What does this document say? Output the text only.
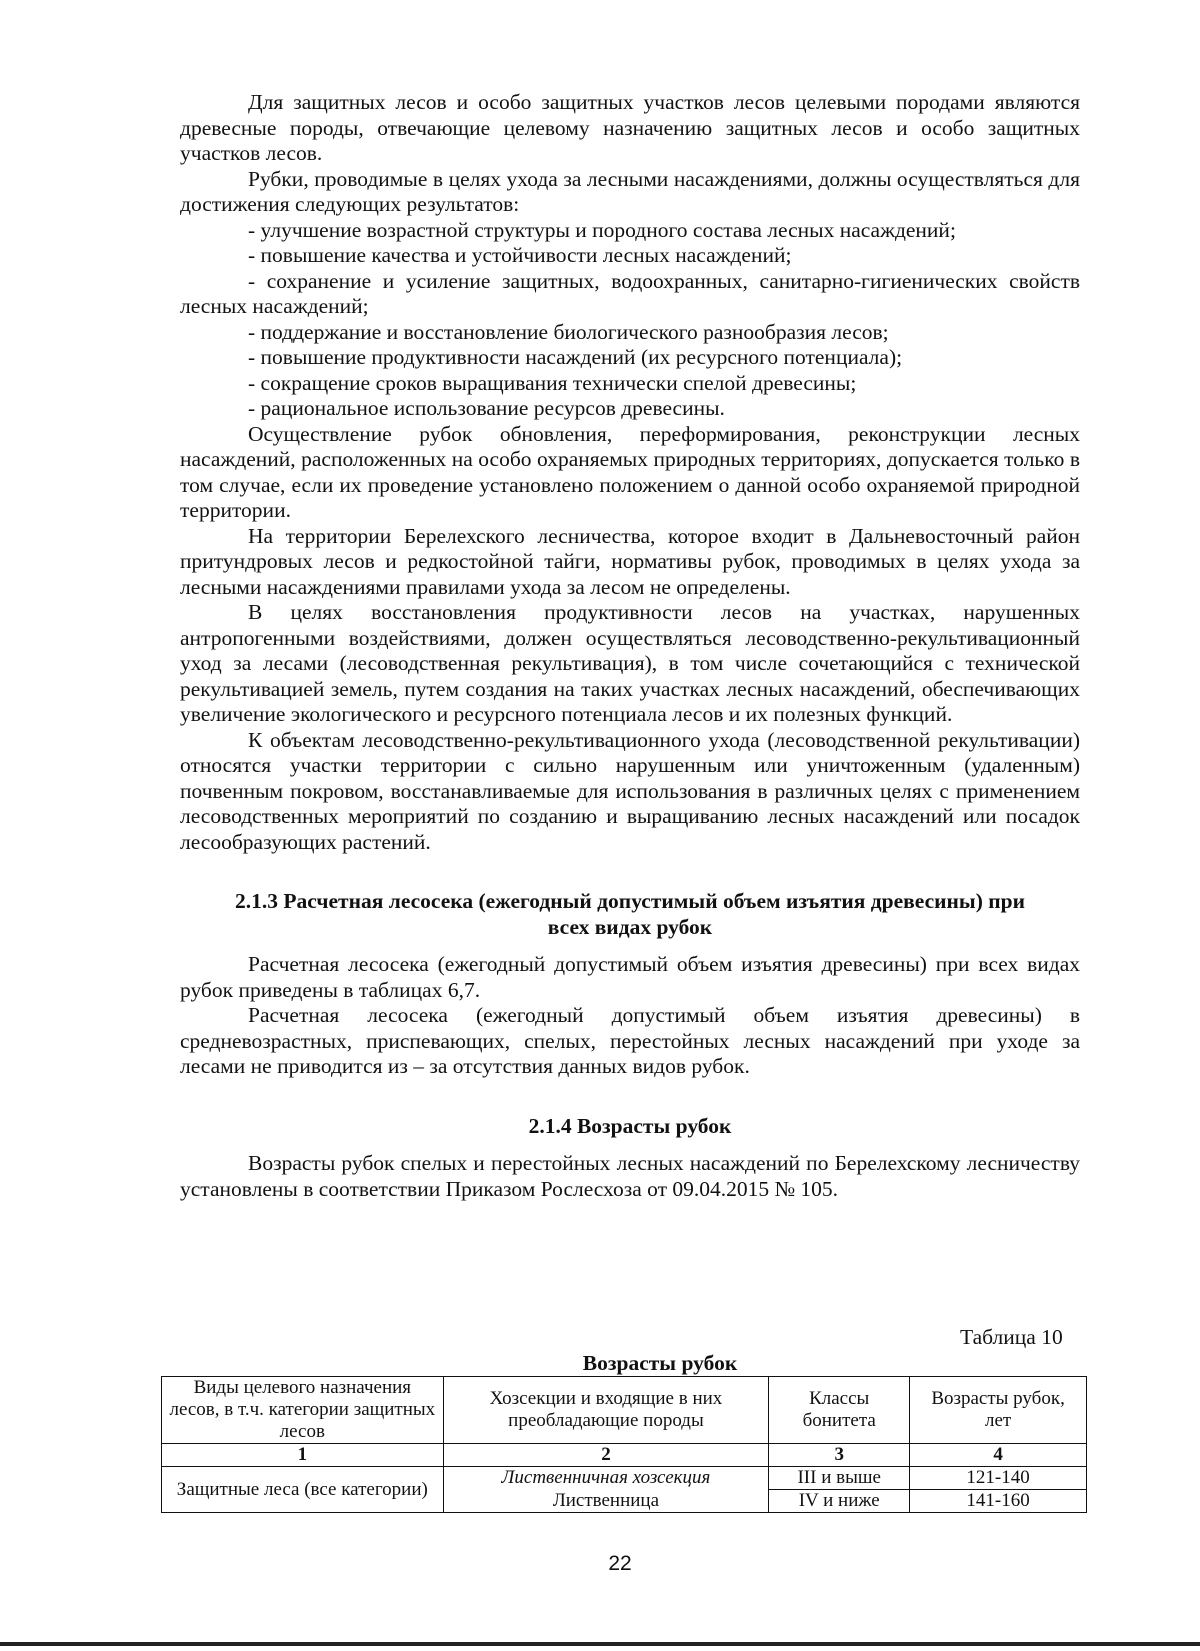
Для защитных лесов и особо защитных участков лесов целевыми породами являются древесные породы, отвечающие целевому назначению защитных лесов и особо защитных участков лесов.

Рубки, проводимые в целях ухода за лесными насаждениями, должны осуществляться для достижения следующих результатов:

- улучшение возрастной структуры и породного состава лесных насаждений;

- повышение качества и устойчивости лесных насаждений;

- сохранение и усиление защитных, водоохранных, санитарно-гигиенических свойств лесных насаждений;

- поддержание и восстановление биологического разнообразия лесов;

- повышение продуктивности насаждений (их ресурсного потенциала);

- сокращение сроков выращивания технически спелой древесины;

- рациональное использование ресурсов древесины.

Осуществление рубок обновления, переформирования, реконструкции лесных насаждений, расположенных на особо охраняемых природных территориях, допускается только в том случае, если их проведение установлено положением о данной особо охраняемой природной территории.

На территории Берелехского лесничества, которое входит в Дальневосточный район притундровых лесов и редкостойной тайги, нормативы рубок, проводимых в целях ухода за лесными насаждениями правилами ухода за лесом не определены.

В целях восстановления продуктивности лесов на участках, нарушенных антропогенными воздействиями, должен осуществляться лесоводственно-рекультивационный уход за лесами (лесоводственная рекультивация), в том числе сочетающийся с технической рекультивацией земель, путем создания на таких участках лесных насаждений, обеспечивающих увеличение экологического и ресурсного потенциала лесов и их полезных функций.

К объектам лесоводственно-рекультивационного ухода (лесоводственной рекультивации) относятся участки территории с сильно нарушенным или уничтоженным (удаленным) почвенным покровом, восстанавливаемые для использования в различных целях с применением лесоводственных мероприятий по созданию и выращиванию лесных насаждений или посадок лесообразующих растений.

2.1.3 Расчетная лесосека (ежегодный допустимый объем изъятия древесины) при

всех видах рубок

Расчетная лесосека (ежегодный допустимый объем изъятия древесины) при всех видах рубок приведены в таблицах 6,7.

Расчетная лесосека (ежегодный допустимый объем изъятия древесины) в средневозрастных, приспевающих, спелых, перестойных лесных насаждений при уходе за лесами не приводится из – за отсутствия данных видов рубок.

2.1.4 Возрасты рубок

Возрасты рубок спелых и перестойных лесных насаждений по Берелехскому лесничеству установлены в соответствии Приказом Рослесхоза от 09.04.2015 № 105.

Таблица 10
Возрасты рубок
Виды целевого назначения лесов, в т.ч. категории защитных лесов	Хозсекции и входящие в них преобладающие породы	Классы бонитета	Возрасты рубок, лет
1	2	3	4
Защитные леса (все категории)	Лиственничная хозсекция	III и выше	121-140
	Лиственница	IV и ниже	141-160
22
